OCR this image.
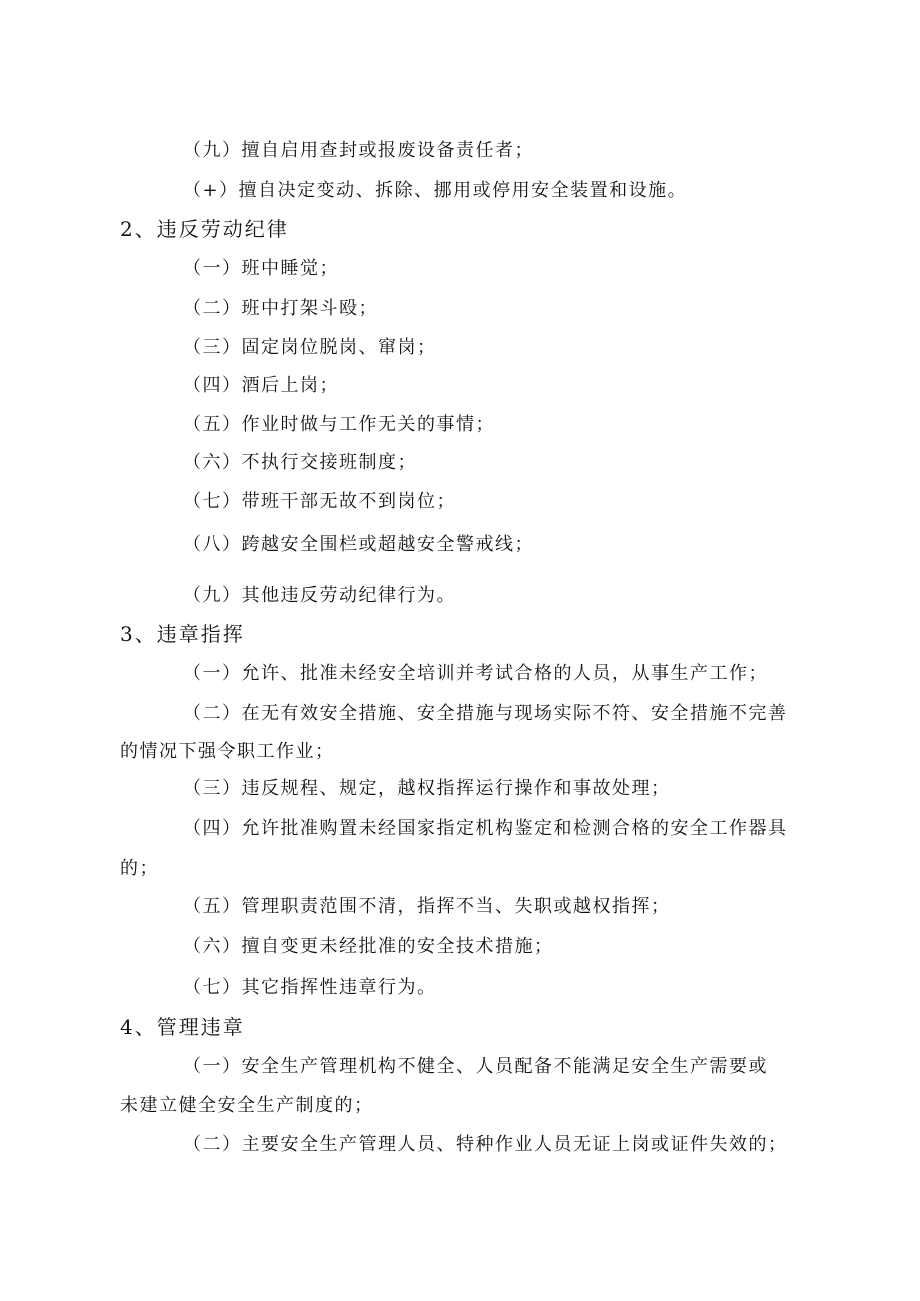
（九）擅自启用查封或报废设备责任者；
（+）擅自决定变动、拆除、挪用或停用安全装置和设施。
2、违反劳动纪律
（一）班中睡觉；
（二）班中打架斗殴；
（三）固定岗位脱岗、窜岗；
（四）酒后上岗；
（五）作业时做与工作无关的事情；
（六）不执行交接班制度；
（七）带班干部无故不到岗位；
（八）跨越安全围栏或超越安全警戒线；
（九）其他违反劳动纪律行为。
3、违章指挥
（一）允许、批准未经安全培训并考试合格的人员，从事生产工作；
（二）在无有效安全措施、安全措施与现场实际不符、安全措施不完善
的情况下强令职工作业；
（三）违反规程、规定，越权指挥运行操作和事故处理；
（四）允许批准购置未经国家指定机构鉴定和检测合格的安全工作器具
的；
（五）管理职责范围不清，指挥不当、失职或越权指挥；
（六）擅自变更未经批准的安全技术措施；
（七）其它指挥性违章行为。
4、管理违章
（一）安全生产管理机构不健全、人员配备不能满足安全生产需要或
未建立健全安全生产制度的；
（二）主要安全生产管理人员、特种作业人员无证上岗或证件失效的；
